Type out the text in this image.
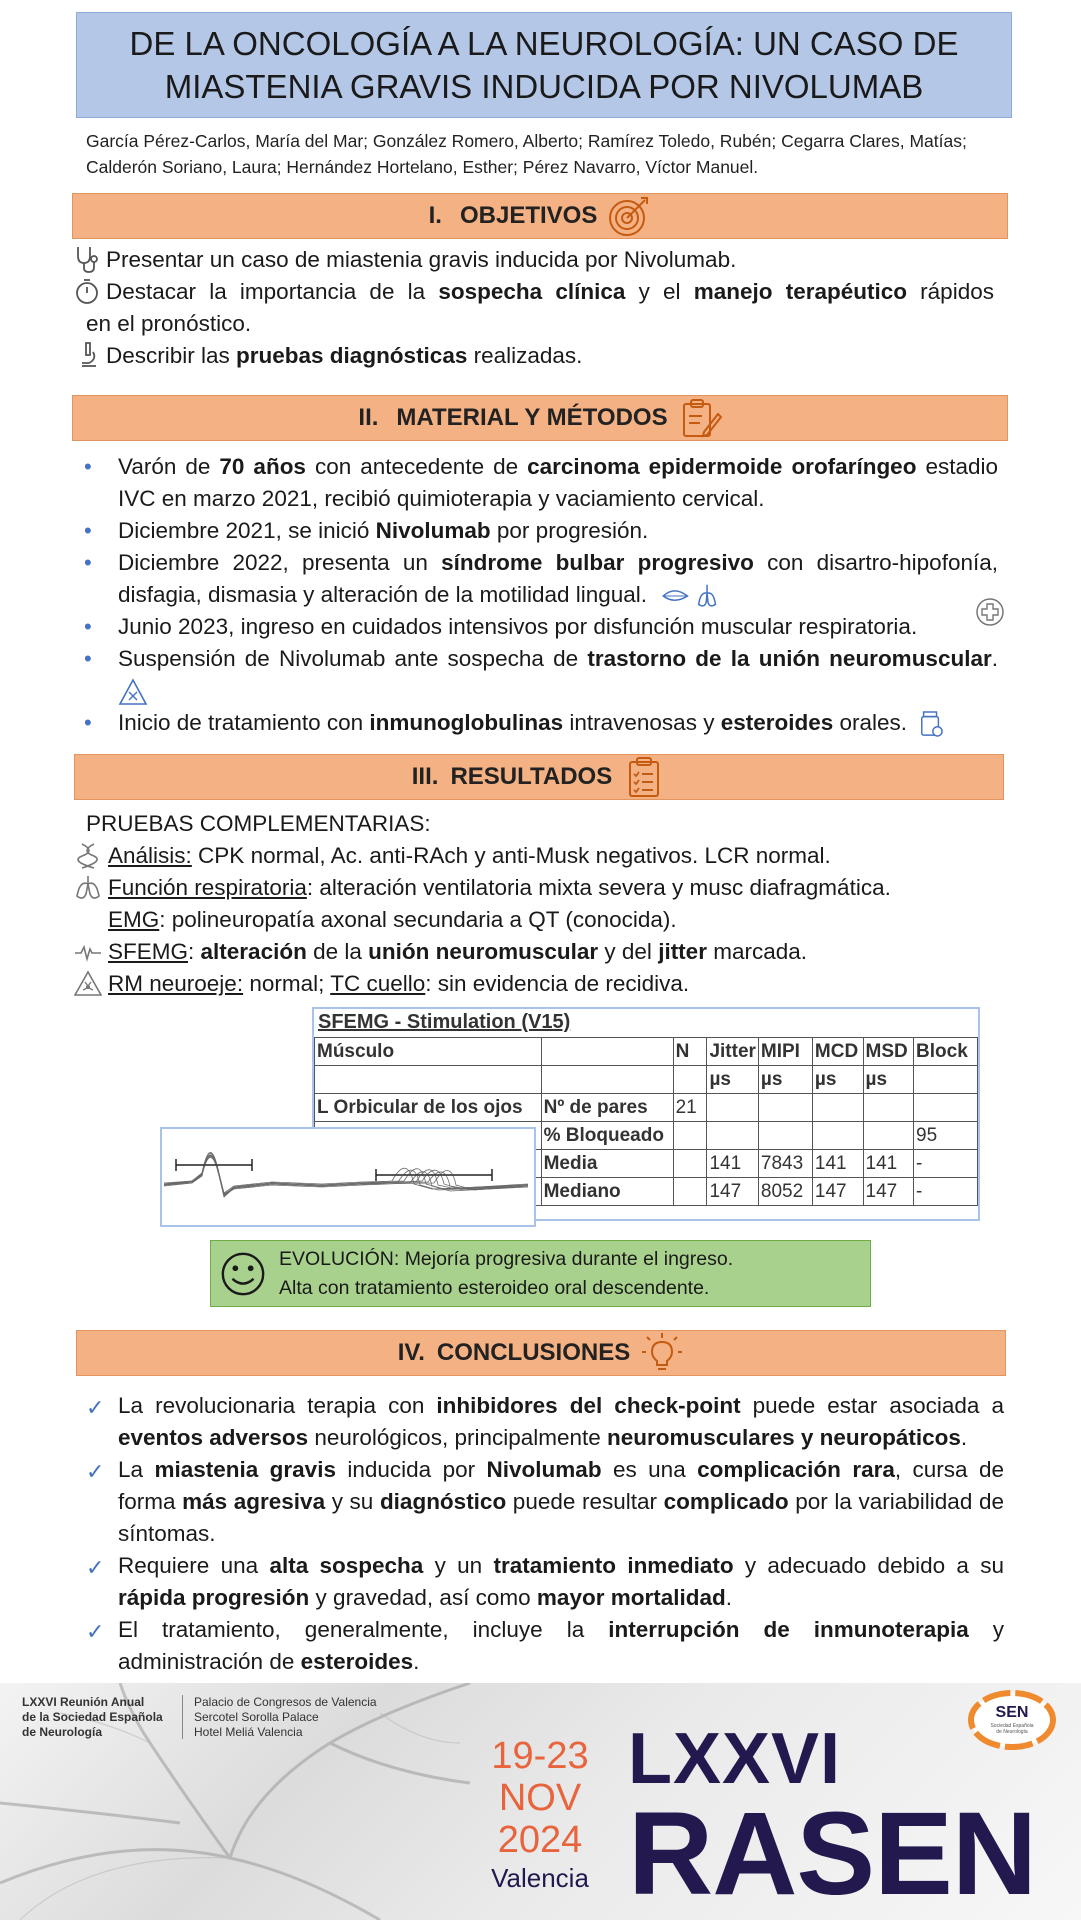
DE LA ONCOLOGÍA A LA NEUROLOGÍA: UN CASO DE
MIASTENIA GRAVIS INDUCIDA POR NIVOLUMAB
García Pérez-Carlos, María del Mar; González Romero, Alberto; Ramírez Toledo, Rubén; Cegarra Clares, Matías; Calderón Soriano, Laura; Hernández Hortelano, Esther; Pérez Navarro, Víctor Manuel.
I. OBJETIVOS
Presentar un caso de miastenia gravis inducida por Nivolumab.
Destacar la importancia de la sospecha clínica y el manejo terapéutico rápidos
en el pronóstico.
Describir las pruebas diagnósticas realizadas.
II. MATERIAL Y MÉTODOS
• Varón de 70 años con antecedente de carcinoma epidermoide orofaríngeo estadio IVC en marzo 2021, recibió quimioterapia y vaciamiento cervical.
• Diciembre 2021, se inició Nivolumab por progresión.
• Diciembre 2022, presenta un síndrome bulbar progresivo con disartro-hipofonía, disfagia, dismasia y alteración de la motilidad lingual.
• Junio 2023, ingreso en cuidados intensivos por disfunción muscular respiratoria.
• Suspensión de Nivolumab ante sospecha de trastorno de la unión neuromuscular.
• Inicio de tratamiento con inmunoglobulinas intravenosas y esteroides orales.
III. RESULTADOS
PRUEBAS COMPLEMENTARIAS:
Análisis: CPK normal, Ac. anti-RAch y anti-Musk negativos. LCR normal.
Función respiratoria: alteración ventilatoria mixta severa y musc diafragmática.
EMG: polineuropatía axonal secundaria a QT (conocida).
SFEMG: alteración de la unión neuromuscular y del jitter marcada.
RM neuroeje: normal; TC cuello: sin evidencia de recidiva.
SFEMG - Stimulation (V15)
Músculo		N	Jitter	MIPI	MCD	MSD	Block
			µs	µs	µs	µs	
L Orbicular de los ojos	Nº de pares	21					
	% Bloqueado						95
	Media		141	7843	141	141	-
	Mediano		147	8052	147	147	-
EVOLUCIÓN: Mejoría progresiva durante el ingreso.
Alta con tratamiento esteroideo oral descendente.
IV. CONCLUSIONES
✓ La revolucionaria terapia con inhibidores del check-point puede estar asociada a eventos adversos neurológicos, principalmente neuromusculares y neuropáticos.
✓ La miastenia gravis inducida por Nivolumab es una complicación rara, cursa de forma más agresiva y su diagnóstico puede resultar complicado por la variabilidad de síntomas.
✓ Requiere una alta sospecha y un tratamiento inmediato y adecuado debido a su rápida progresión y gravedad, así como mayor mortalidad.
✓ El tratamiento, generalmente, incluye la interrupción de inmunoterapia y administración de esteroides.
LXXVI Reunión Anual
de la Sociedad Española
de Neurología
Palacio de Congresos de Valencia
Sercotel Sorolla Palace
Hotel Meliá Valencia
19-23
NOV
2024
Valencia
LXXVI
RASEN
SEN
Sociedad Española
de Neurología
